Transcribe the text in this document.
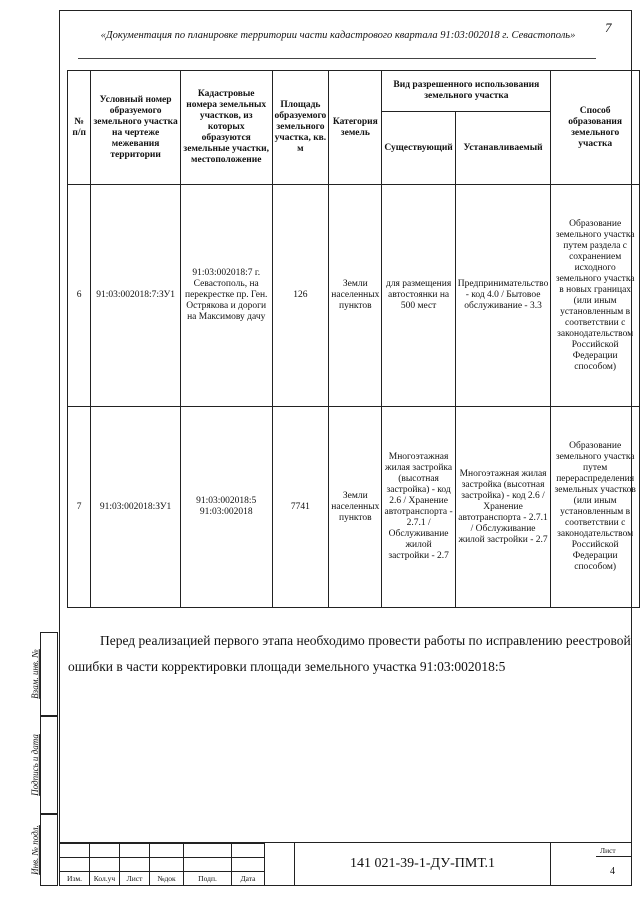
«Документация по планировке территории части кадастрового квартала 91:03:002018 г. Севастополь»
7
№ п/п	Условный номер образуемого земельного участка на чертеже межевания территории	Кадастровые номера земельных участков, из которых образуются земельные участки, местоположение	Площадь образуемого земельного участка, кв. м	Категория земель	Вид разрешенного использования земельного участка		Способ образования земельного участка
					Существующий	Устанавливаемый	
6	91:03:002018:7:ЗУ1	91:03:002018:7 г. Севастополь, на перекрестке пр. Ген. Острякова и дороги на Максимову дачу	126	Земли населенных пунктов	для размещения автостоянки на 500 мест	Предпринимательство - код 4.0 / Бытовое обслуживание - 3.3	Образование земельного участка путем раздела с сохранением исходного земельного участка в новых границах (или иным установленным в соответствии с законодательством Российской Федерации способом)
7	91:03:002018:ЗУ1	91:03:002018:5 91:03:002018	7741	Земли населенных пунктов	Многоэтажная жилая застройка (высотная застройка) - код 2.6 / Хранение автотранспорта - 2.7.1 / Обслуживание жилой застройки - 2.7	Многоэтажная жилая застройка (высотная застройка) - код 2.6 / Хранение автотранспорта - 2.7.1 / Обслуживание жилой застройки - 2.7	Образование земельного участка путем перераспределения земельных участков (или иным установленным в соответствии с законодательством Российской Федерации способом)
Перед реализацией первого этапа необходимо провести работы по исправлению реестровой
ошибки в части корректировки площади земельного участка 91:03:002018:5
Взам. инв. №
Подпись и дата
Инв. № подл.

Изм.	Кол.уч	Лист	№док	Подп.	Дата
141 021-39-1-ДУ-ПМТ.1
Лист
4
